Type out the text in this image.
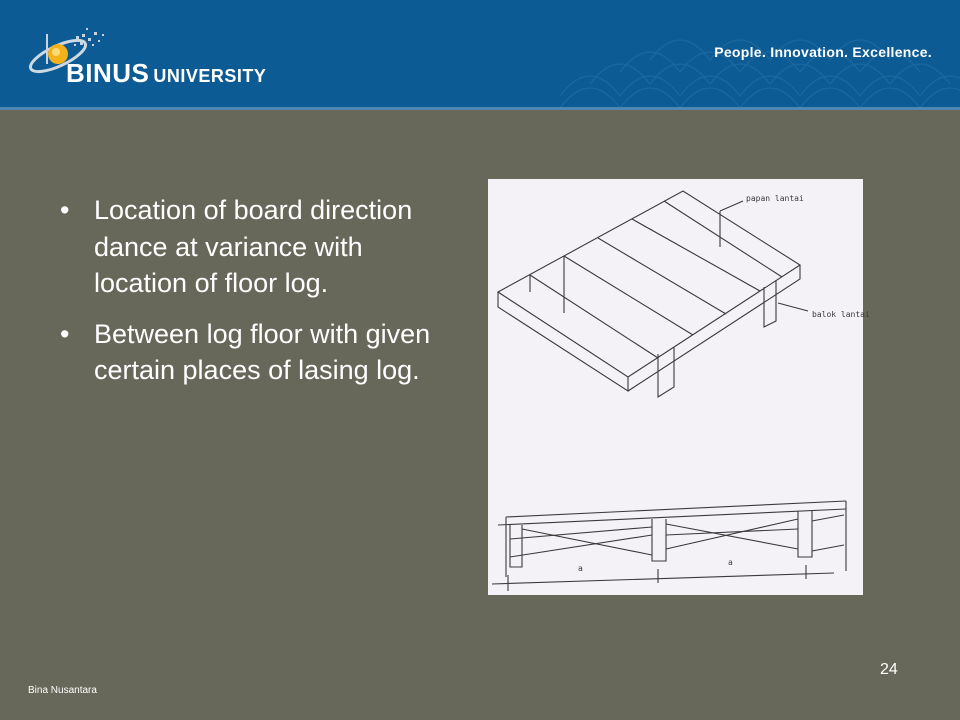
BINUS UNIVERSITY
People. Innovation. Excellence.
• Location of board direction dance at variance with location of floor log.
• Between log floor with given certain places of lasing log.
papan lantai
balok lantai
a
a
Bina Nusantara
24
